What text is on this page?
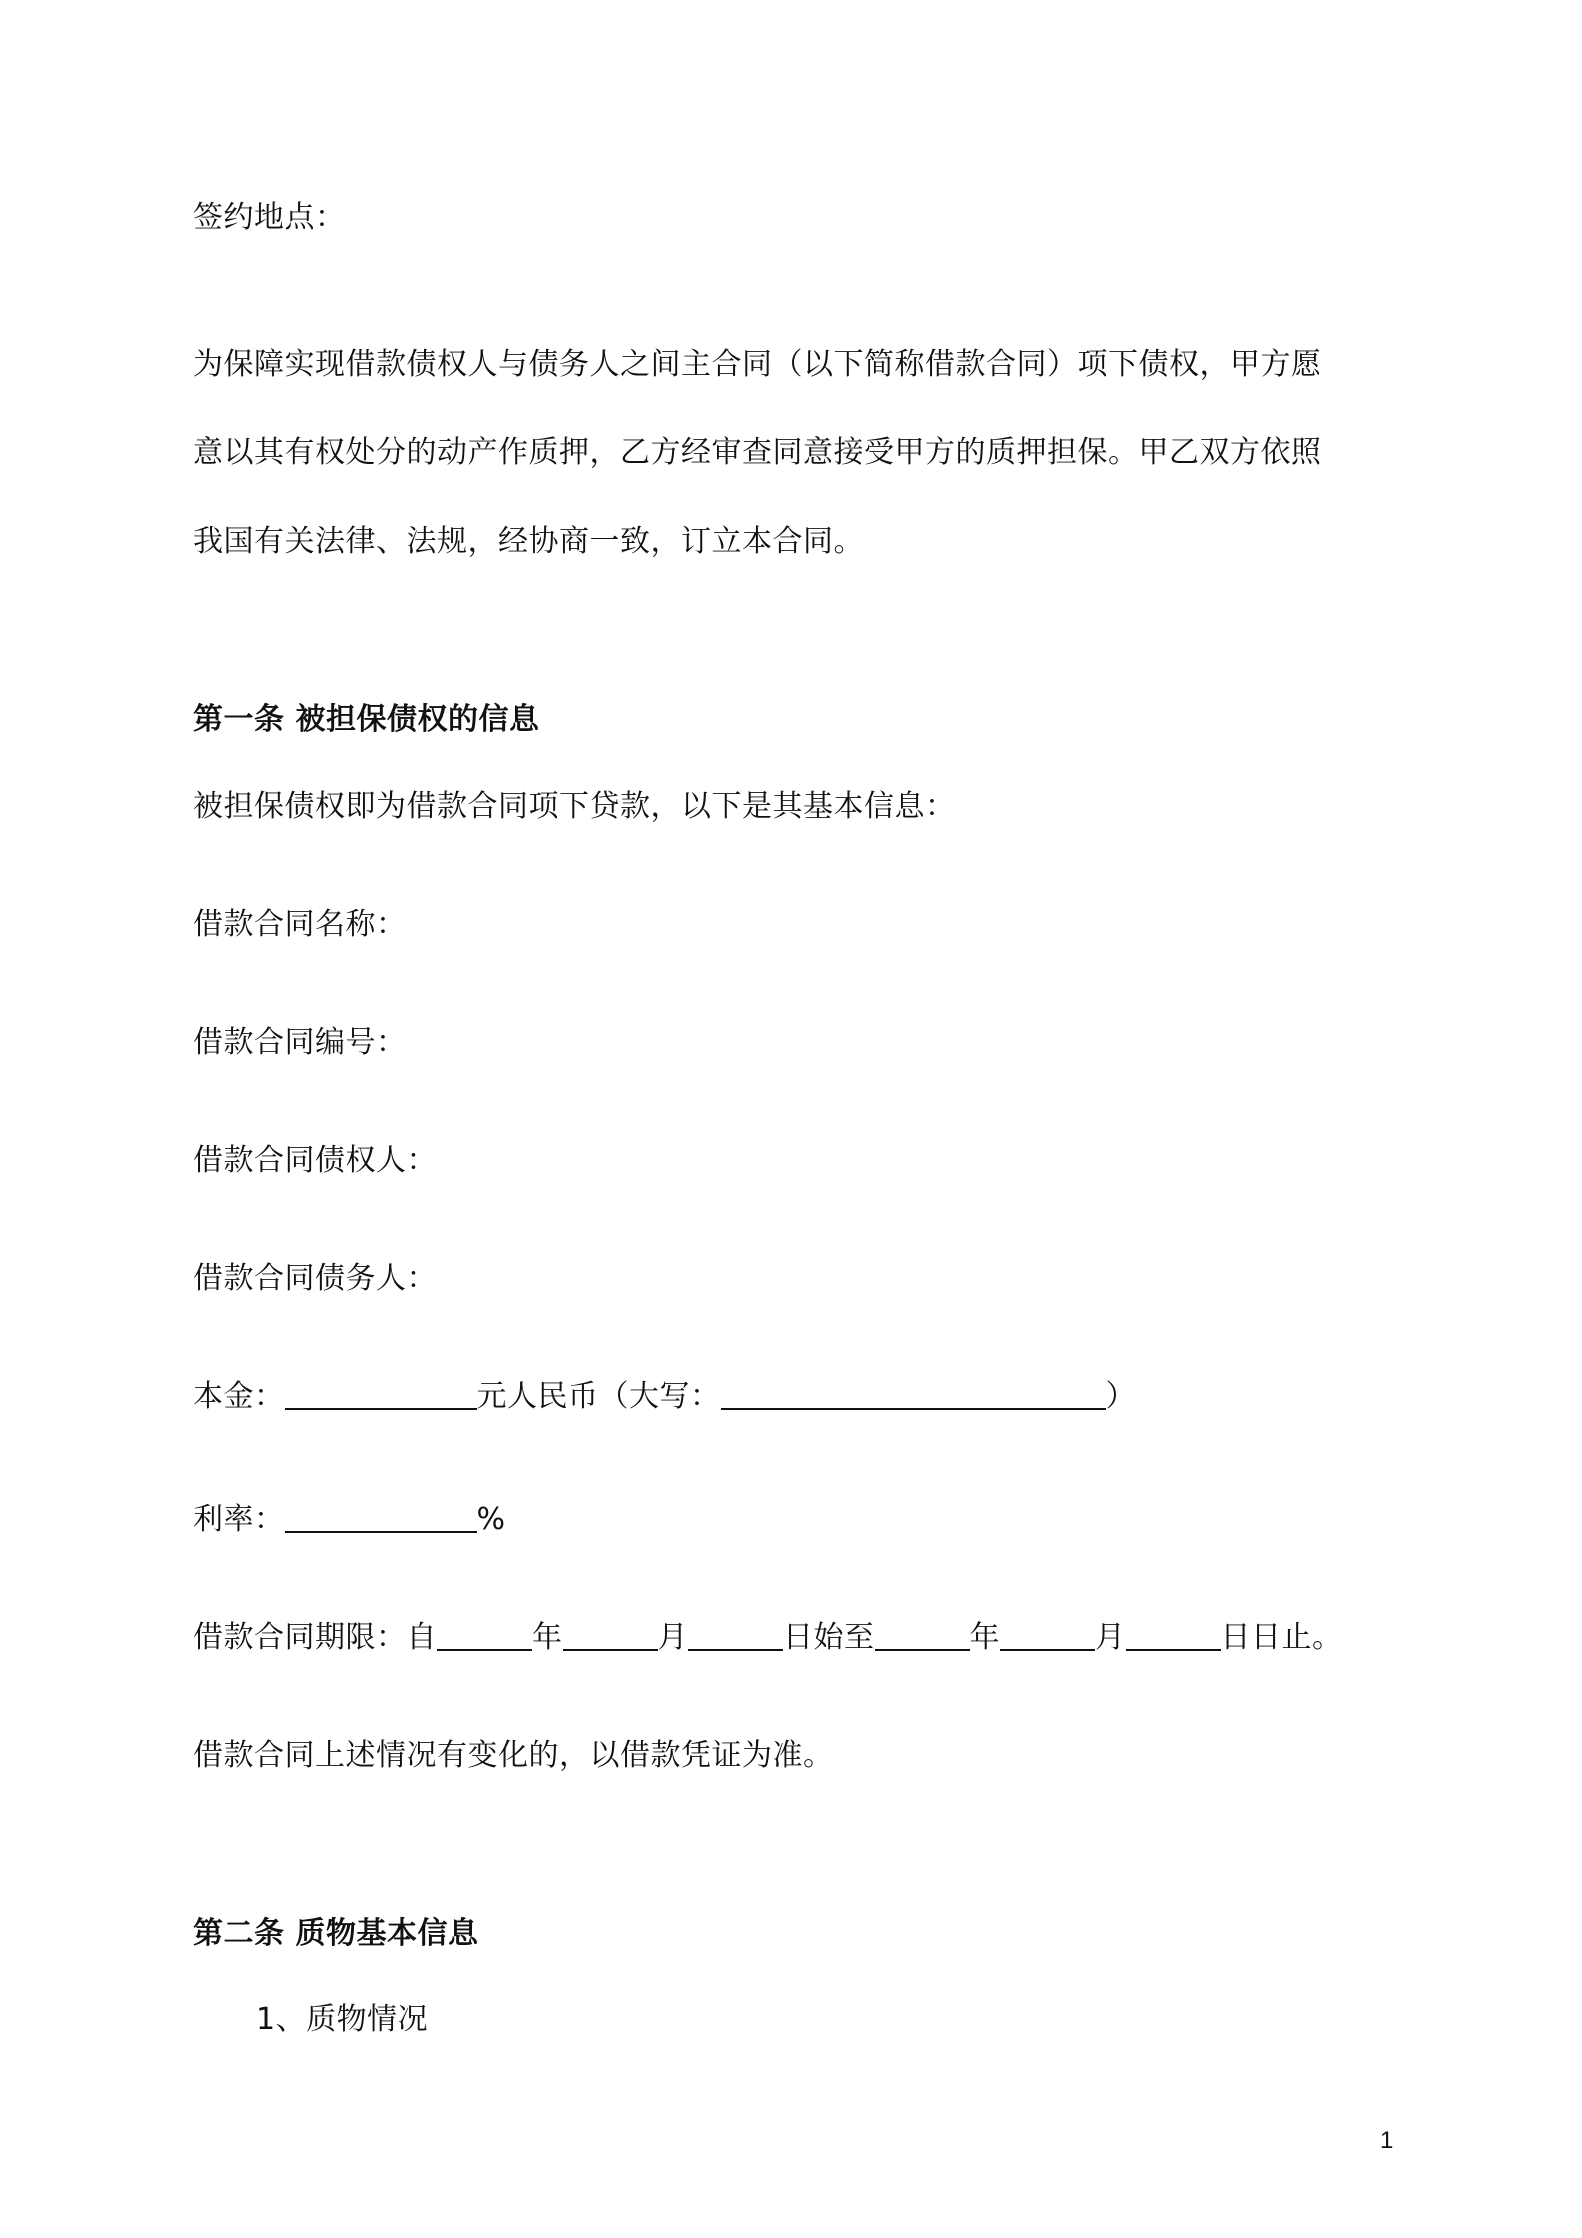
签约地点：
为保障实现借款债权人与债务人之间主合同（以下简称借款合同）项下债权，甲方愿
意以其有权处分的动产作质押，乙方经审查同意接受甲方的质押担保。甲乙双方依照
我国有关法律、法规，经协商一致，订立本合同。
第一条 被担保债权的信息
被担保债权即为借款合同项下贷款，以下是其基本信息：
借款合同名称：
借款合同编号：
借款合同债权人：
借款合同债务人：
本金：	元人民币（大写：	）
利率：	%
借款合同期限：自	年	月	日始至	年	月	日日止。
借款合同上述情况有变化的，以借款凭证为准。
第二条 质物基本信息
1、质物情况
1
